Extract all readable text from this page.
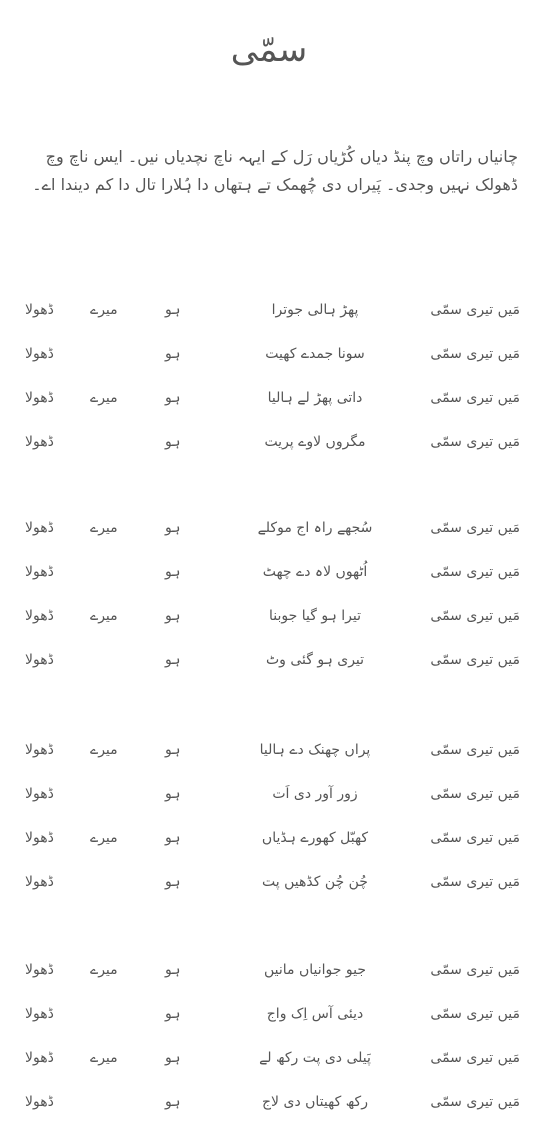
سمّی
چانیاں راتاں وچ پنڈ دیاں کُڑیاں رَل کے ایہہ ناچ نچدیاں نیں۔ ایس ناچ وچ ڈھولک نہیں وجدی۔ پَیراں دی چُھمک تے ہتھاں دا ہُلارا تال دا کم دیندا اے۔
مَیں تیری سمّی
پھڑ ہالی جوترا
ہو
میرے
ڈھولا
مَیں تیری سمّی
سونا جمدے کھیت
ہو
ڈھولا
مَیں تیری سمّی
داتی پھڑ لے ہالیا
ہو
میرے
ڈھولا
مَیں تیری سمّی
مگروں لاوے پریت
ہو
ڈھولا
مَیں تیری سمّی
سُجھے راہ اج موکلے
ہو
میرے
ڈھولا
مَیں تیری سمّی
اُٹھوں لاہ دے چھٹ
ہو
ڈھولا
مَیں تیری سمّی
تیرا ہو گیا جوبنا
ہو
میرے
ڈھولا
مَیں تیری سمّی
تیری ہو گئی وٹ
ہو
ڈھولا
مَیں تیری سمّی
پراں چھنک دے ہالیا
ہو
میرے
ڈھولا
مَیں تیری سمّی
زور آور دی اَت
ہو
ڈھولا
مَیں تیری سمّی
کھبّل کھورے ہڈیاں
ہو
میرے
ڈھولا
مَیں تیری سمّی
چُن چُن کڈھیں پت
ہو
ڈھولا
مَیں تیری سمّی
جیو جوانیاں مانیں
ہو
میرے
ڈھولا
مَیں تیری سمّی
دیئی آس اِک واج
ہو
ڈھولا
مَیں تیری سمّی
پَیلی دی پت رکھ لے
ہو
میرے
ڈھولا
مَیں تیری سمّی
رکھ کھیتاں دی لاج
ہو
ڈھولا
